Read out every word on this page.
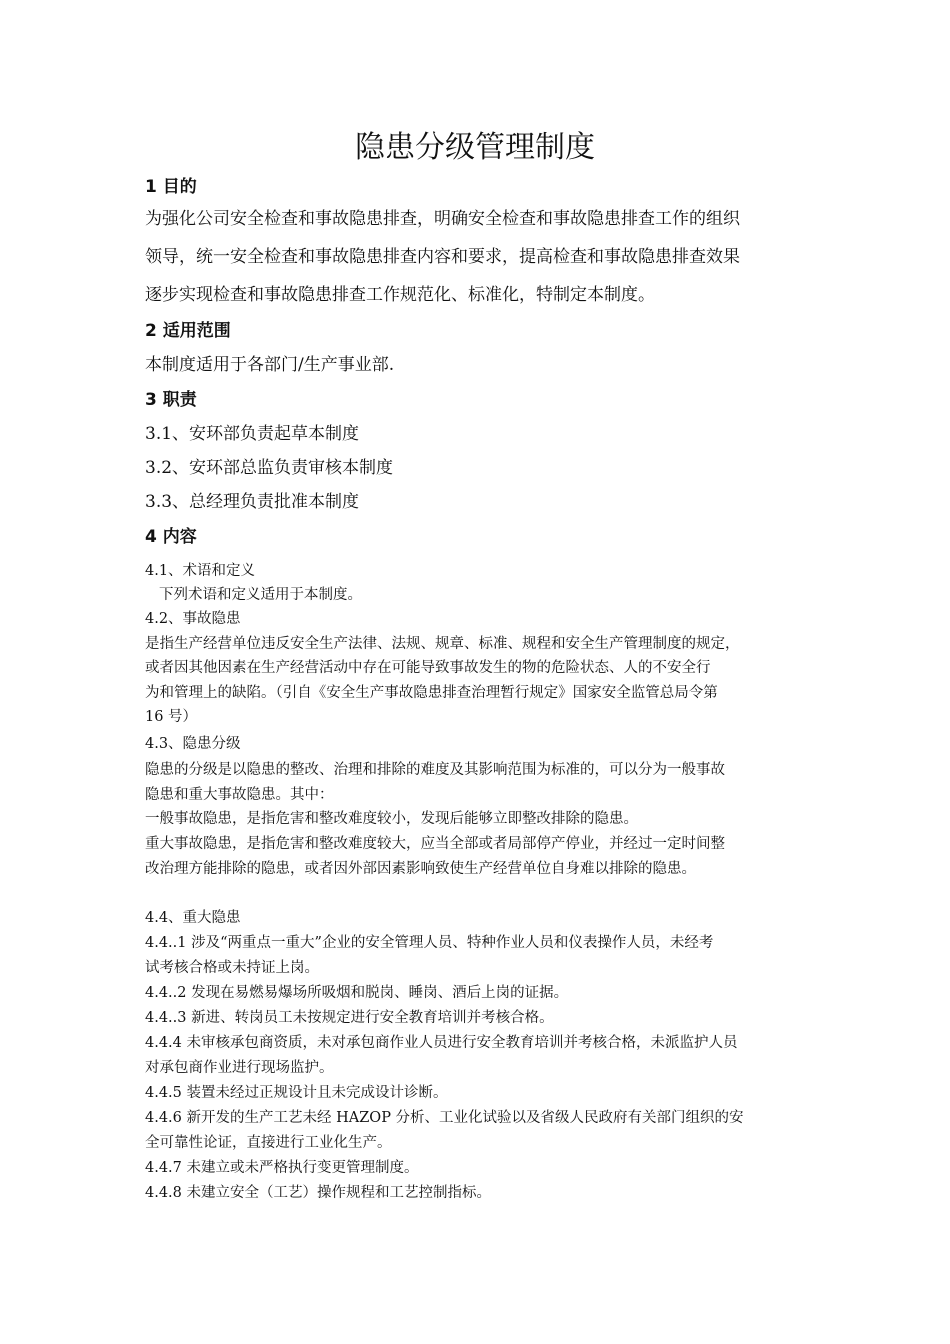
隐患分级管理制度
1 目的

为强化公司安全检查和事故隐患排查，明确安全检查和事故隐患排查工作的组织

领导，统一安全检查和事故隐患排查内容和要求，提高检查和事故隐患排查效果

逐步实现检查和事故隐患排查工作规范化、标准化，特制定本制度。

2 适用范围

本制度适用于各部门/生产事业部.

3 职责

3.1、安环部负责起草本制度

3.2、安环部总监负责审核本制度

3.3、总经理负责批准本制度

4 内容

4.1、术语和定义

下列术语和定义适用于本制度。

4.2、事故隐患

是指生产经营单位违反安全生产法律、法规、规章、标准、规程和安全生产管理制度的规定，

或者因其他因素在生产经营活动中存在可能导致事故发生的物的危险状态、人的不安全行

为和管理上的缺陷。（引自《安全生产事故隐患排查治理暂行规定》国家安全监管总局令第

16 号）

4.3、隐患分级

隐患的分级是以隐患的整改、治理和排除的难度及其影响范围为标准的，可以分为一般事故

隐患和重大事故隐患。其中：

一般事故隐患，是指危害和整改难度较小，发现后能够立即整改排除的隐患。

重大事故隐患，是指危害和整改难度较大，应当全部或者局部停产停业，并经过一定时间整

改治理方能排除的隐患，或者因外部因素影响致使生产经营单位自身难以排除的隐患。

4.4、重大隐患

4.4..1 涉及“两重点一重大”企业的安全管理人员、特种作业人员和仪表操作人员，未经考

试考核合格或未持证上岗。

4.4..2 发现在易燃易爆场所吸烟和脱岗、睡岗、酒后上岗的证据。

4.4..3 新进、转岗员工未按规定进行安全教育培训并考核合格。

4.4.4 未审核承包商资质，未对承包商作业人员进行安全教育培训并考核合格，未派监护人员

对承包商作业进行现场监护。

4.4.5 装置未经过正规设计且未完成设计诊断。

4.4.6 新开发的生产工艺未经 HAZOP 分析、工业化试验以及省级人民政府有关部门组织的安

全可靠性论证，直接进行工业化生产。

4.4.7 未建立或未严格执行变更管理制度。

4.4.8 未建立安全（工艺）操作规程和工艺控制指标。
